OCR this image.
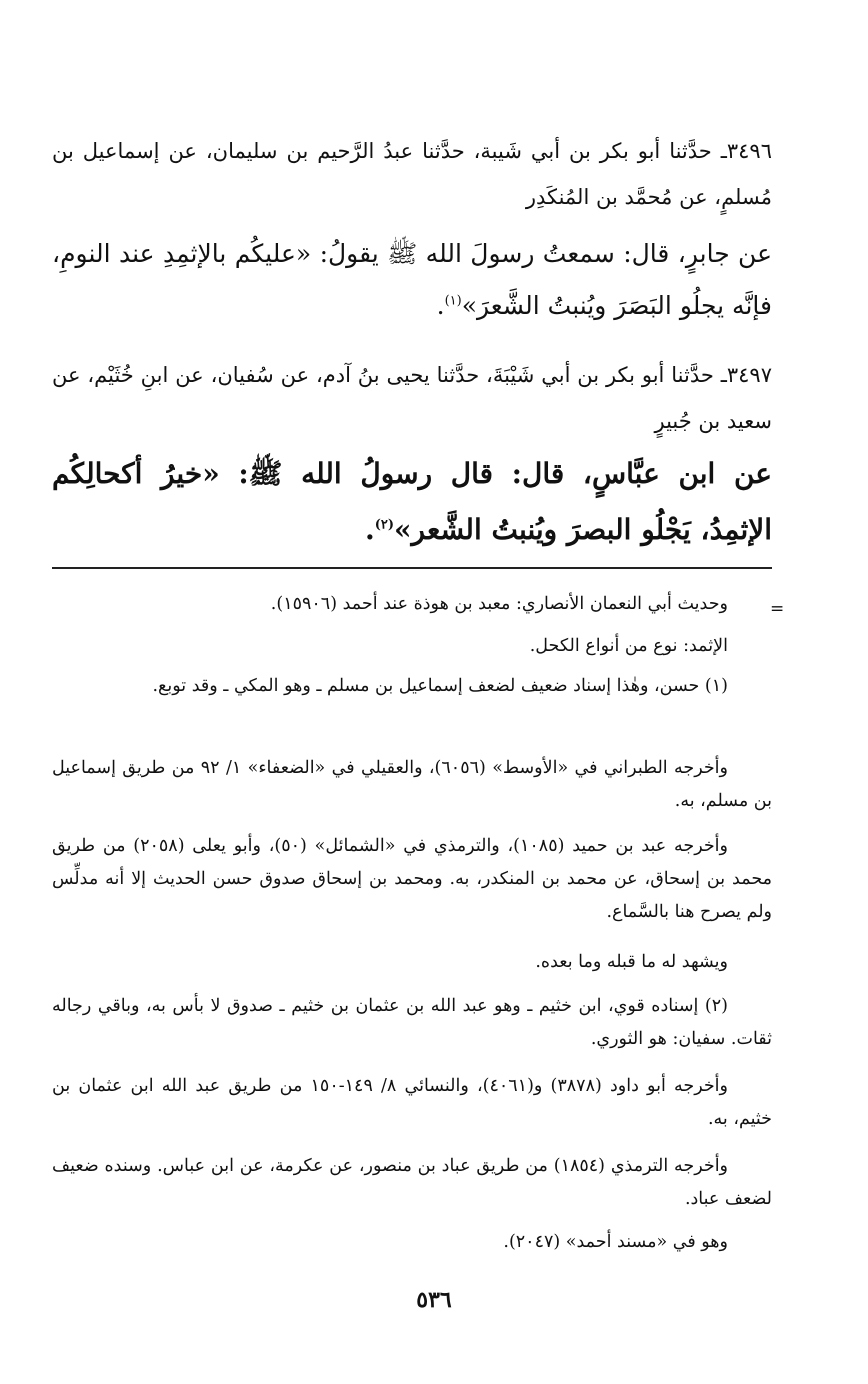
٣٤٩٦ـ حدَّثنا أبو بكر بن أبي شَيبة، حدَّثنا عبدُ الرَّحيم بن سليمان، عن إسماعيل بن مُسلمٍ، عن مُحمَّد بن المُنكَدِر
عن جابرٍ، قال: سمعتُ رسولَ الله ﷺ يقولُ: «عليكُم بالإثمِدِ عند النومِ، فإنَّه يجلُو البَصَرَ ويُنبتُ الشَّعرَ»$^{(١)}$.
٣٤٩٧ـ حدَّثنا أبو بكر بن أبي شَيْبَةَ، حدَّثنا يحيى بنُ آدم، عن سُفيان، عن ابنِ خُثَيْم، عن سعيد بن جُبيرٍ
عن ابن عبَّاسٍ، قال: قال رسولُ الله ﷺ: «خيرُ أكحالِكُم الإثمِدُ، يَجْلُو البصرَ ويُنبتُ الشَّعر»$^{(٢)}$.
=
وحديث أبي النعمان الأنصاري: معبد بن هوذة عند أحمد (١٥٩٠٦).
الإثمد: نوع من أنواع الكحل.
(١) حسن، وهٰذا إسناد ضعيف لضعف إسماعيل بن مسلم ـ وهو المكي ـ وقد توبع.
وأخرجه الطبراني في «الأوسط» (٦٠٥٦)، والعقيلي في «الضعفاء» ١/ ٩٢ من طريق إسماعيل بن مسلم، به.
وأخرجه عبد بن حميد (١٠٨٥)، والترمذي في «الشمائل» (٥٠)، وأبو يعلى (٢٠٥٨) من طريق محمد بن إسحاق، عن محمد بن المنكدر، به. ومحمد بن إسحاق صدوق حسن الحديث إلا أنه مدلِّس ولم يصرح هنا بالسَّماع.
ويشهد له ما قبله وما بعده.
(٢) إسناده قوي، ابن خثيم ـ وهو عبد الله بن عثمان بن خثيم ـ صدوق لا بأس به، وباقي رجاله ثقات. سفيان: هو الثوري.
وأخرجه أبو داود (٣٨٧٨) و(٤٠٦١)، والنسائي ٨/ ١٤٩-١٥٠ من طريق عبد الله ابن عثمان بن خثيم، به.
وأخرجه الترمذي (١٨٥٤) من طريق عباد بن منصور، عن عكرمة، عن ابن عباس. وسنده ضعيف لضعف عباد.
وهو في «مسند أحمد» (٢٠٤٧).
٥٣٦
